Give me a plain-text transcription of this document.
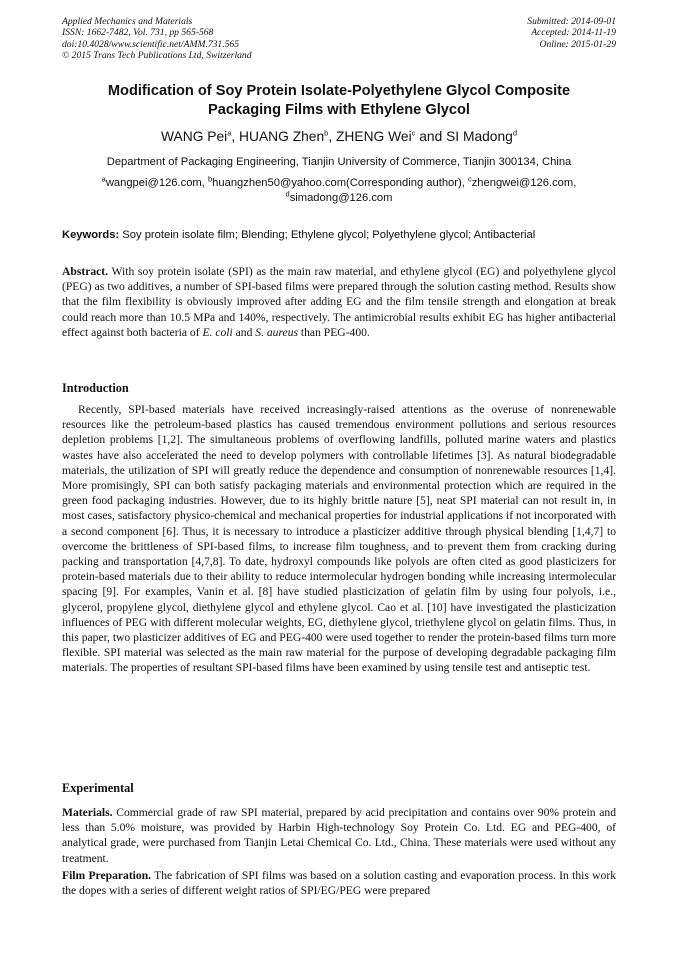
Applied Mechanics and Materials
ISSN: 1662-7482, Vol. 731, pp 565-568
doi:10.4028/www.scientific.net/AMM.731.565
© 2015 Trans Tech Publications Ltd, Switzerland
Submitted: 2014-09-01
Accepted: 2014-11-19
Online: 2015-01-29
Modification of Soy Protein Isolate-Polyethylene Glycol Composite
Packaging Films with Ethylene Glycol
WANG Pei$^a$, HUANG Zhen$^b$, ZHENG Wei$^c$ and SI Madong$^d$
Department of Packaging Engineering, Tianjin University of Commerce, Tianjin 300134, China
$^a$wangpei@126.com, $^b$huangzhen50@yahoo.com(Corresponding author), $^c$zhengwei@126.com,
$^d$simadong@126.com
Keywords: Soy protein isolate film; Blending; Ethylene glycol; Polyethylene glycol; Antibacterial
Abstract. With soy protein isolate (SPI) as the main raw material, and ethylene glycol (EG) and polyethylene glycol (PEG) as two additives, a number of SPI-based films were prepared through the solution casting method. Results show that the film flexibility is obviously improved after adding EG and the film tensile strength and elongation at break could reach more than 10.5 MPa and 140%, respectively. The antimicrobial results exhibit EG has higher antibacterial effect against both bacteria of E. coli and S. aureus than PEG-400.
Introduction
Recently, SPI-based materials have received increasingly-raised attentions as the overuse of nonrenewable resources like the petroleum-based plastics has caused tremendous environment pollutions and serious resources depletion problems [1,2]. The simultaneous problems of overflowing landfills, polluted marine waters and plastics wastes have also accelerated the need to develop polymers with controllable lifetimes [3]. As natural biodegradable materials, the utilization of SPI will greatly reduce the dependence and consumption of nonrenewable resources [1,4]. More promisingly, SPI can both satisfy packaging materials and environmental protection which are required in the green food packaging industries. However, due to its highly brittle nature [5], neat SPI material can not result in, in most cases, satisfactory physico-chemical and mechanical properties for industrial applications if not incorporated with a second component [6]. Thus, it is necessary to introduce a plasticizer additive through physical blending [1,4,7] to overcome the brittleness of SPI-based films, to increase film toughness, and to prevent them from cracking during packing and transportation [4,7,8]. To date, hydroxyl compounds like polyols are often cited as good plasticizers for protein-based materials due to their ability to reduce intermolecular hydrogen bonding while increasing intermolecular spacing [9]. For examples, Vanin et al. [8] have studied plasticization of gelatin film by using four polyols, i.e., glycerol, propylene glycol, diethylene glycol and ethylene glycol. Cao et al. [10] have investigated the plasticization influences of PEG with different molecular weights, EG, diethylene glycol, triethylene glycol on gelatin films. Thus, in this paper, two plasticizer additives of EG and PEG-400 were used together to render the protein-based films turn more flexible. SPI material was selected as the main raw material for the purpose of developing degradable packaging film materials. The properties of resultant SPI-based films have been examined by using tensile test and antiseptic test.
Experimental
Materials. Commercial grade of raw SPI material, prepared by acid precipitation and contains over 90% protein and less than 5.0% moisture, was provided by Harbin High-technology Soy Protein Co. Ltd. EG and PEG-400, of analytical grade, were purchased from Tianjin Letai Chemical Co. Ltd., China. These materials were used without any treatment.
Film Preparation. The fabrication of SPI films was based on a solution casting and evaporation process. In this work the dopes with a series of different weight ratios of SPI/EG/PEG were prepared
